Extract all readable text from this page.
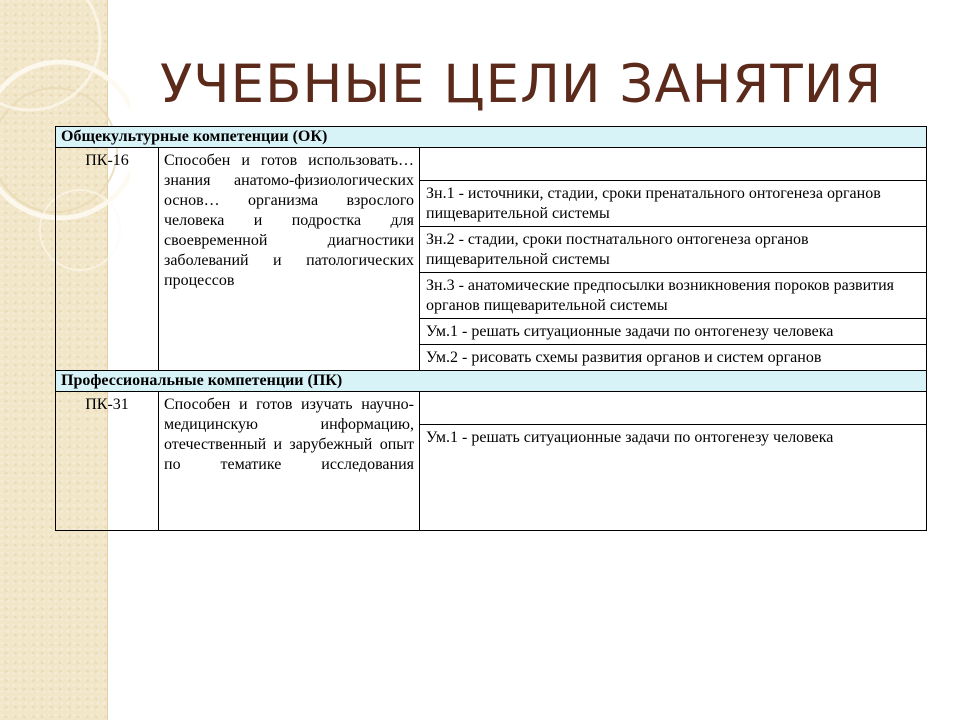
УЧЕБНЫЕ ЦЕЛИ ЗАНЯТИЯ
Общекультурные компетенции (ОК)		
ПК-16	Способен и готов использовать… знания анатомо-физиологических основ… организма взрослого человека и подростка для своевременной диагностики заболеваний и патологических процессов	
		Зн.1 - источники, стадии, сроки пренатального онтогенеза органов пищеварительной системы
		Зн.2 - стадии, сроки постнатального онтогенеза органов пищеварительной системы
		Зн.3 - анатомические предпосылки возникновения пороков развития органов пищеварительной системы
		Ум.1 - решать ситуационные задачи по онтогенезу человека
		Ум.2 - рисовать схемы развития органов и систем органов
Профессиональные компетенции (ПК)		
ПК-31	Способен и готов изучать научно-медицинскую информацию, отечественный и зарубежный опыт по тематике исследования	
		Ум.1 - решать ситуационные задачи по онтогенезу человека
